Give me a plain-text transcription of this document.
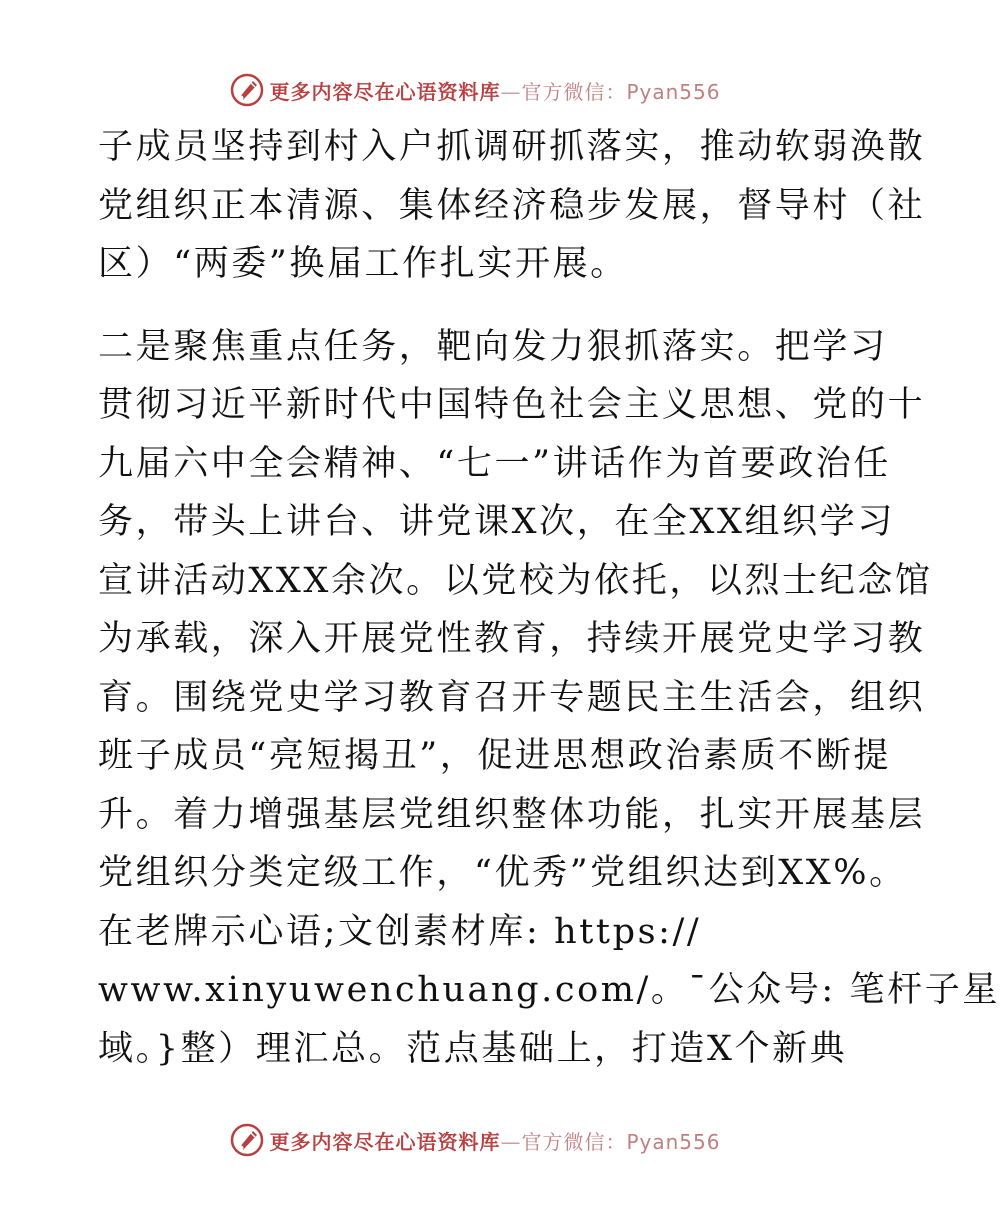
更多内容尽在心语资料库—官方微信：Pyan556
子成员坚持到村入户抓调研抓落实，推动软弱涣散
党组织正本清源、集体经济稳步发展，督导村（社
区）“两委”换届工作扎实开展。
二是聚焦重点任务，靶向发力狠抓落实。把学习
贯彻习近平新时代中国特色社会主义思想、党的十
九届六中全会精神、“七一”讲话作为首要政治任
务，带头上讲台、讲党课X次，在全XX组织学习
宣讲活动XXX余次。以党校为依托，以烈士纪念馆
为承载，深入开展党性教育，持续开展党史学习教
育。围绕党史学习教育召开专题民主生活会，组织
班子成员“亮短揭丑”，促进思想政治素质不断提
升。着力增强基层党组织整体功能，扎实开展基层
党组织分类定级工作，“优秀”党组织达到XX%。
在老牌示心语;文创素材库: https://
www.xinyuwenchuang.com/。¯公众号: 笔杆子星
域。}整）理汇总。范点基础上，打造X个新典
更多内容尽在心语资料库—官方微信：Pyan556
